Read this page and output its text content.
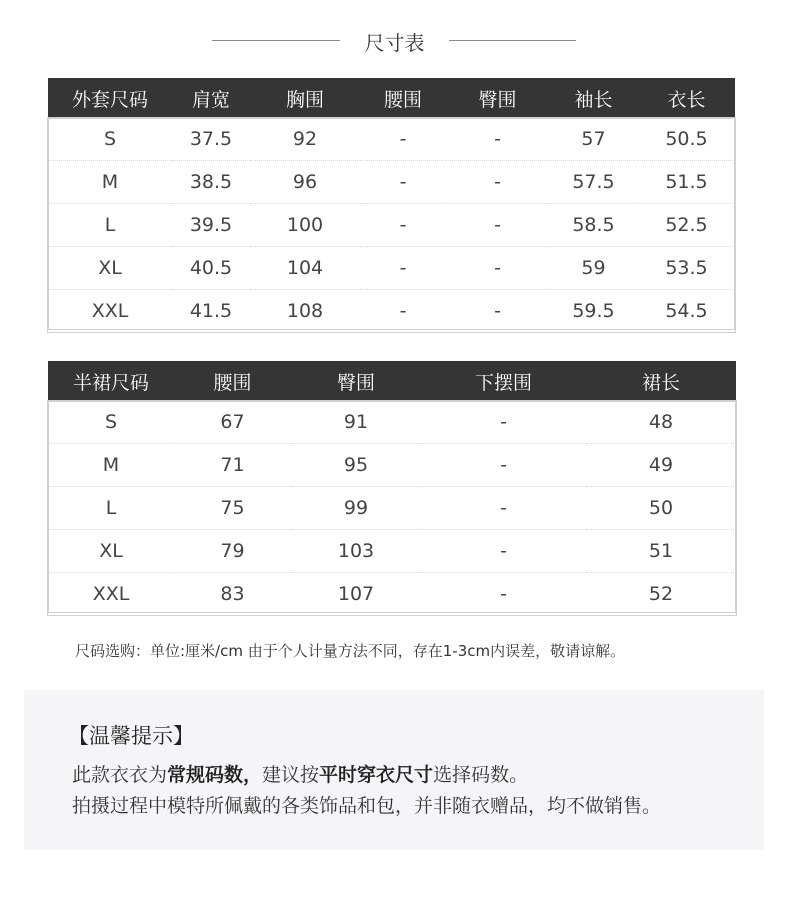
尺寸表
外套尺码	肩宽	胸围	腰围	臀围	袖长	衣长
S	37.5	92	-	-	57	50.5
M	38.5	96	-	-	57.5	51.5
L	39.5	100	-	-	58.5	52.5
XL	40.5	104	-	-	59	53.5
XXL	41.5	108	-	-	59.5	54.5
半裙尺码	腰围	臀围	下摆围	裙长
S	67	91	-	48
M	71	95	-	49
L	75	99	-	50
XL	79	103	-	51
XXL	83	107	-	52
尺码选购：单位:厘米/cm 由于个人计量方法不同，存在1-3cm内误差，敬请谅解。
【温馨提示】
此款衣衣为常规码数，建议按平时穿衣尺寸选择码数。
拍摄过程中模特所佩戴的各类饰品和包，并非随衣赠品，均不做销售。
